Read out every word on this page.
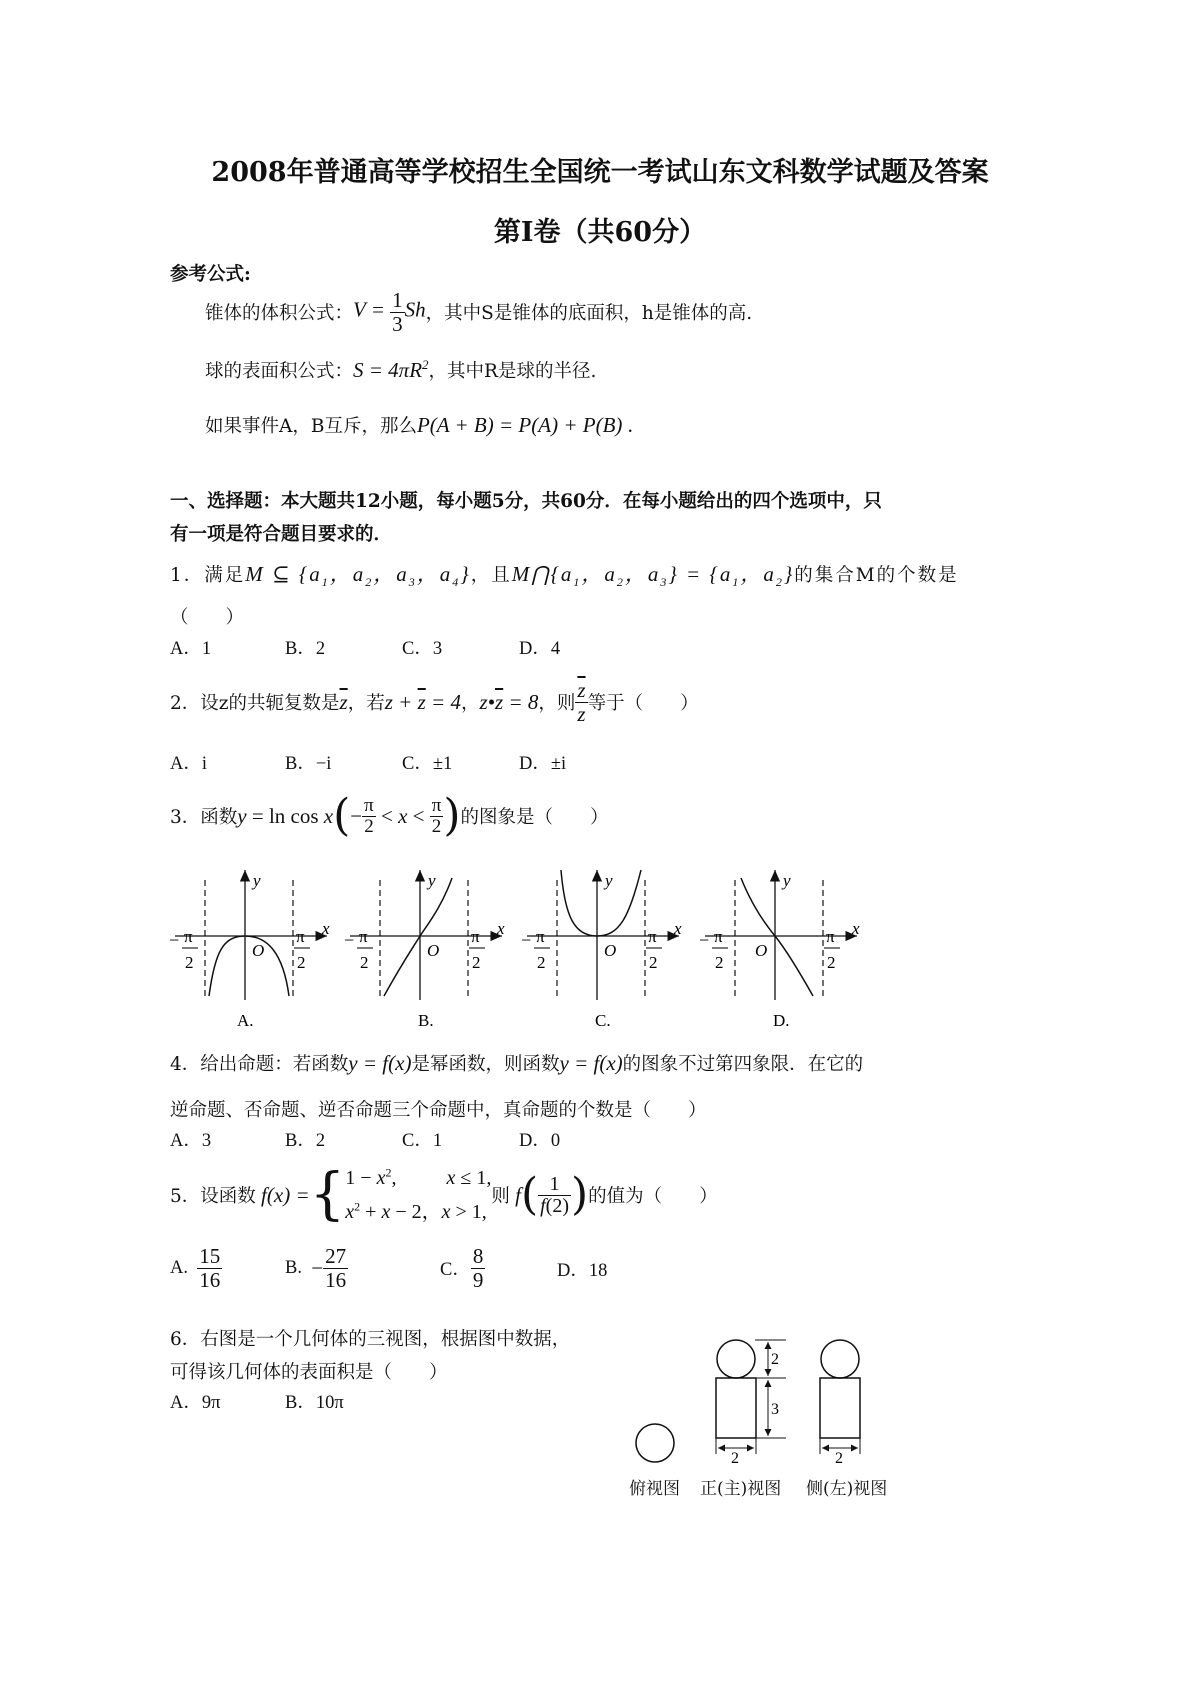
2008年普通高等学校招生全国统一考试山东文科数学试题及答案
第Ⅰ卷（共60分）
参考公式:
锥体的体积公式： $V = \frac{1}{3}$ Sh ，其中S是锥体的底面积，h是锥体的高.
球的表面积公式：$S = 4\pi R^2$，其中R是球的半径.
如果事件A，B互斥，那么P(A + B) = P(A) + P(B) .
一、选择题：本大题共12小题，每小题5分，共60分．在每小题给出的四个选项中，只
有一项是符合题目要求的．
1．满足M ⊆ {$a_1$，$a_2$，$a_3$，$a_4$}，且$M⋂\{a_1$，$a_2$，$a_3\} = \{a_1$，$a_2$}的集合M的个数是
（　　）
A．1	B．2	C．3	D．4
2． 设z的共轭复数是 $\overline{z}$ ，若 $z + \overline{z} = 4$ ， $z•\overline{z} = 8$ ，则 $\frac{\overline{z}}{z}$ 等于（　　）
A．i	B．−i	C．±1	D．±i
3． 函数 y = ln cos x ( − $\frac{\pi}{2} < x < \frac{\pi}{2}$ ) 的图象是（　　）
y
x
O
− π
2
π
2
A.
y
x
O
− π
2
π
2
B.
y
x
O
− π
2
π
2
C.
y
x
O
− π
2
π
2
D.
4．给出命题：若函数y = f(x)是幂函数，则函数y = f(x)的图象不过第四象限．在它的
逆命题、否命题、逆否命题三个命题中，真命题的个数是（　　）
A．3	B．2	C．1	D．0
5． 设函数 f(x) = { $1 - x^2$,          x ≤ 1,
$x^2 + x - 2$，x > 1,
则 f ( $\frac{1}{f(2)}$ ) 的值为（　　）
A.
$\frac{15}{16}$	B.
− $\frac{27}{16}$	C． $\frac{8}{9}$	D．18
6．右图是一个几何体的三视图，根据图中数据，
可得该几何体的表面积是（　　）
A．9π	B．10π
2
3
2	2
俯视图 正(主)视图 侧(左)视图
